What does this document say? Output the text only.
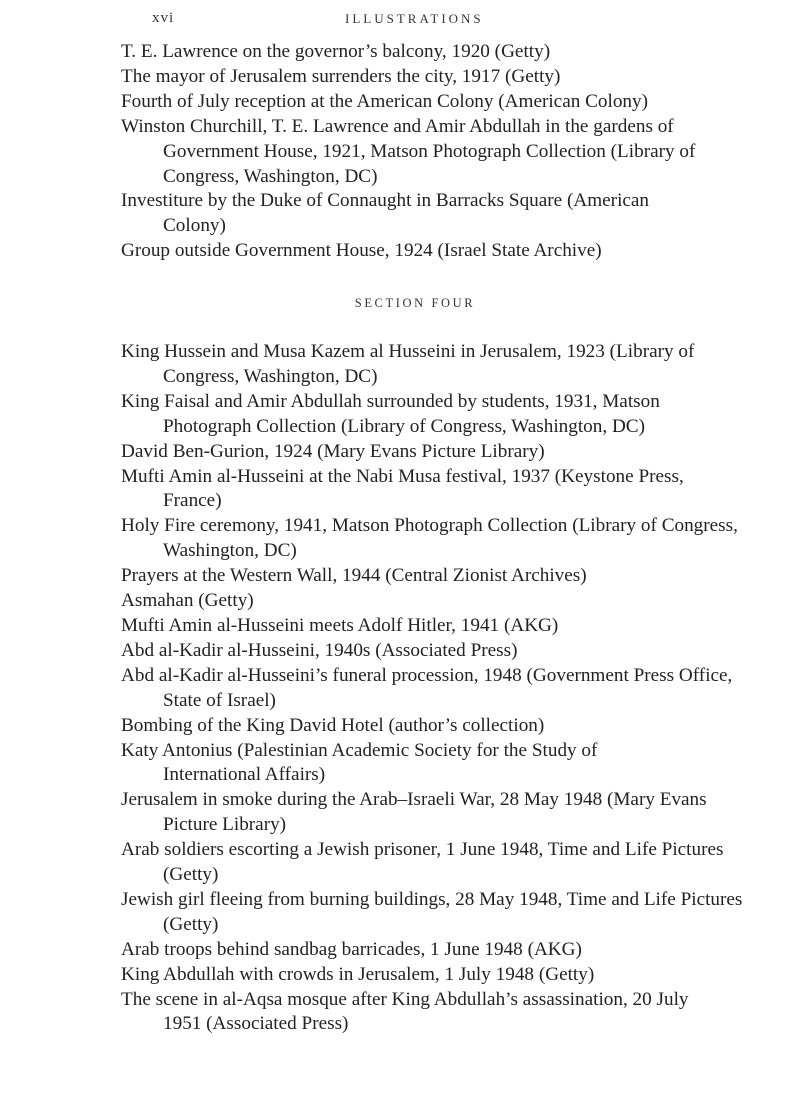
xvi	ILLUSTRATIONS

T. E. Lawrence on the governor’s balcony, 1920 (Getty)

The mayor of Jerusalem surrenders the city, 1917 (Getty)

Fourth of July reception at the American Colony (American Colony)

Winston Churchill, T. E. Lawrence and Amir Abdullah in the gardens of Government House, 1921, Matson Photograph Collection (Library of Congress, Washington, DC)

Investiture by the Duke of Connaught in Barracks Square (American Colony)

Group outside Government House, 1924 (Israel State Archive)

SECTION FOUR

King Hussein and Musa Kazem al Husseini in Jerusalem, 1923 (Library of Congress, Washington, DC)

King Faisal and Amir Abdullah surrounded by students, 1931, Matson Photograph Collection (Library of Congress, Washington, DC)

David Ben-Gurion, 1924 (Mary Evans Picture Library)

Mufti Amin al-Husseini at the Nabi Musa festival, 1937 (Keystone Press, France)

Holy Fire ceremony, 1941, Matson Photograph Collection (Library of Congress, Washington, DC)

Prayers at the Western Wall, 1944 (Central Zionist Archives)

Asmahan (Getty)

Mufti Amin al-Husseini meets Adolf Hitler, 1941 (AKG)

Abd al-Kadir al-Husseini, 1940s (Associated Press)

Abd al-Kadir al-Husseini’s funeral procession, 1948 (Government Press Office, State of Israel)

Bombing of the King David Hotel (author’s collection)

Katy Antonius (Palestinian Academic Society for the Study of International Affairs)

Jerusalem in smoke during the Arab–Israeli War, 28 May 1948 (Mary Evans Picture Library)

Arab soldiers escorting a Jewish prisoner, 1 June 1948, Time and Life Pictures (Getty)

Jewish girl fleeing from burning buildings, 28 May 1948, Time and Life Pictures (Getty)

Arab troops behind sandbag barricades, 1 June 1948 (AKG)

King Abdullah with crowds in Jerusalem, 1 July 1948 (Getty)

The scene in al-Aqsa mosque after King Abdullah’s assassination, 20 July 1951 (Associated Press)
